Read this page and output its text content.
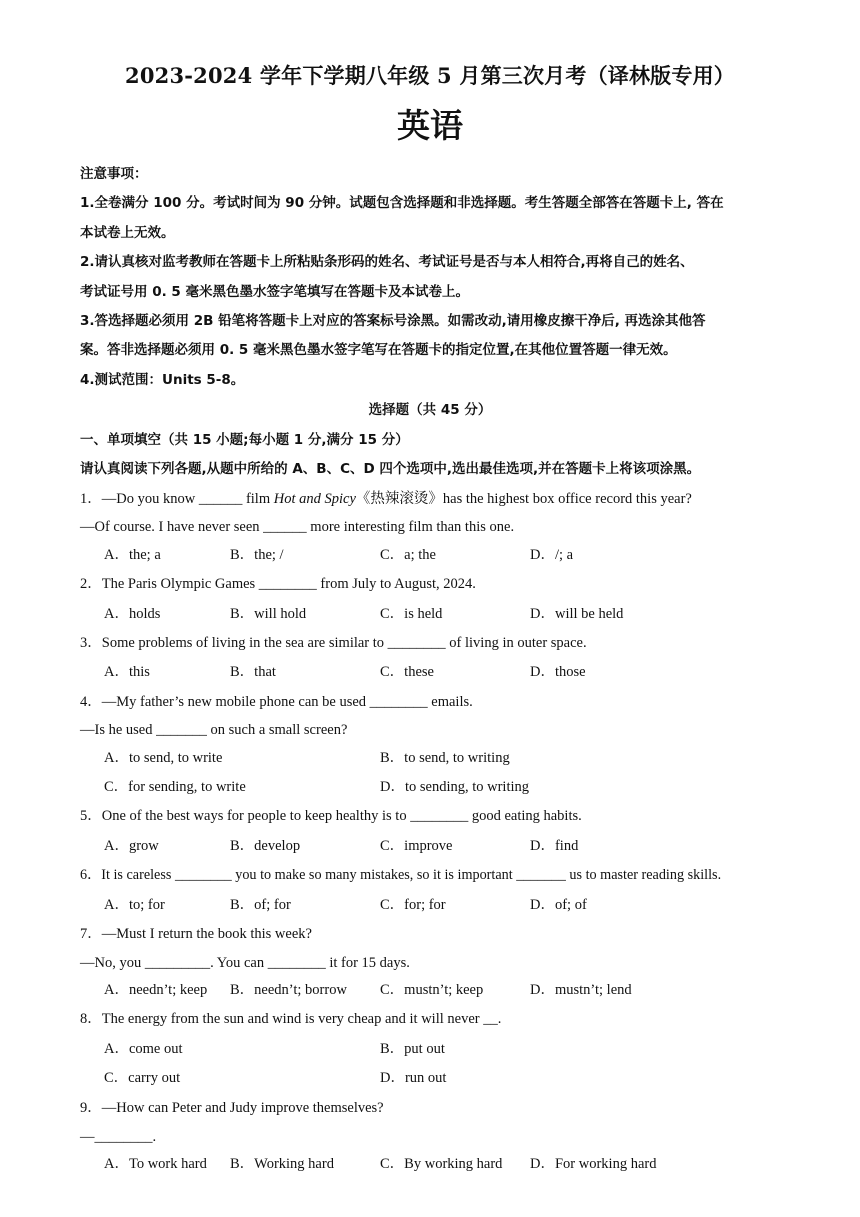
2023-2024 学年下学期八年级 5 月第三次月考（译林版专用）
英语
注意事项：
1.全卷满分 100 分。考试时间为 90 分钟。试题包含选择题和非选择题。考生答题全部答在答题卡上, 答在
本试卷上无效。
2.请认真核对监考教师在答题卡上所粘贴条形码的姓名、考试证号是否与本人相符合,再将自己的姓名、
考试证号用 0. 5 毫米黑色墨水签字笔填写在答题卡及本试卷上。
3.答选择题必须用 2B 铅笔将答题卡上对应的答案标号涂黑。如需改动,请用橡皮擦干净后, 再选涂其他答
案。答非选择题必须用 0. 5 毫米黑色墨水签字笔写在答题卡的指定位置,在其他位置答题一律无效。
4.测试范围：Units 5-8。
选择题（共 45 分）
一、单项填空（共 15 小题;每小题 1 分,满分 15 分）
请认真阅读下列各题,从题中所给的 A、B、C、D 四个选项中,选出最佳选项,并在答题卡上将该项涂黑。
1．—Do you know ______ film Hot and Spicy《热辣滚烫》has the highest box office record this year?
—Of course. I have never seen ______ more interesting film than this one.
A．the; a	B．the; /	C．a; the	D．/; a
2．The Paris Olympic Games ________ from July to August, 2024.
A．holds	B．will hold	C．is held	D．will be held
3．Some problems of living in the sea are similar to ________ of living in outer space.
A．this	B．that	C．these	D．those
4．—My father’s new mobile phone can be used ________ emails.
—Is he used _______ on such a small screen?
A．to send, to write	B．to send, to writing
C．for sending, to write	D．to sending, to writing
5．One of the best ways for people to keep healthy is to ________ good eating habits.
A．grow	B．develop	C．improve	D．find
6．It is careless ________ you to make so many mistakes, so it is important _______ us to master reading skills.
A．to; for	B．of; for	C．for; for	D．of; of
7．—Must I return the book this week?
—No, you _________. You can ________ it for 15 days.
A．needn’t; keep B．needn’t; borrow C．mustn’t; keep	D．mustn’t; lend
8．The energy from the sun and wind is very cheap and it will never __.
A．come out	B．put out
C．carry out	D．run out
9．—How can Peter and Judy improve themselves?
—________.
A．To work hard B．Working hard	C．By working hard D．For working hard
